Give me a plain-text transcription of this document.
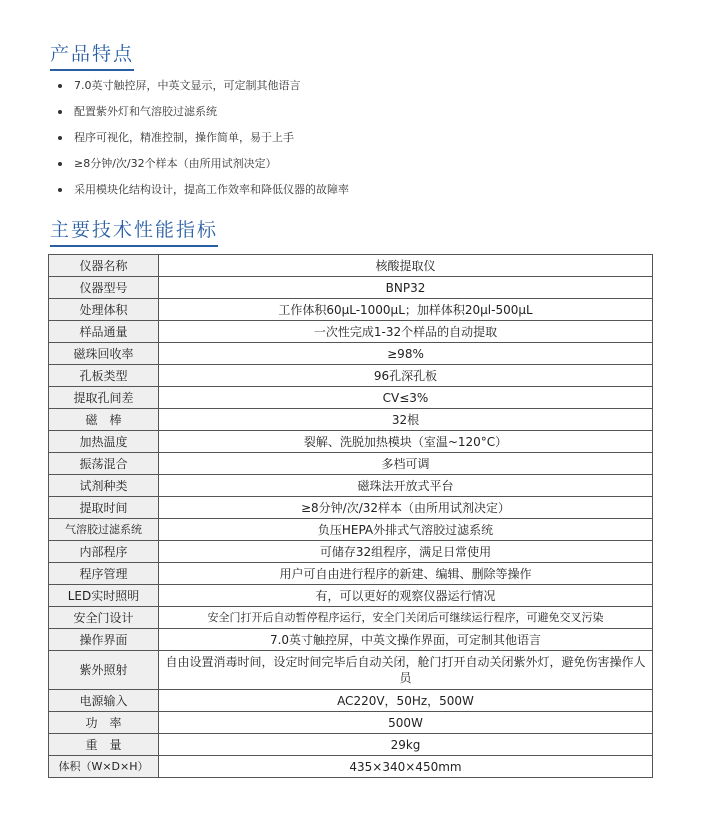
产品特点
7.0英寸触控屏，中英文显示，可定制其他语言
配置紫外灯和气溶胶过滤系统
程序可视化，精准控制，操作简单，易于上手
≥8分钟/次/32个样本（由所用试剂决定）
采用模块化结构设计，提高工作效率和降低仪器的故障率
主要技术性能指标
仪器名称	核酸提取仪
仪器型号	BNP32
处理体积	工作体积60μL-1000μL；加样体积20μl-500μL
样品通量	一次性完成1-32个样品的自动提取
磁珠回收率	≥98%
孔板类型	96孔深孔板
提取孔间差	CV≤3%
磁　棒	32根
加热温度	裂解、洗脱加热模块（室温~120°C）
振荡混合	多档可调
试剂种类	磁珠法开放式平台
提取时间	≥8分钟/次/32样本（由所用试剂决定）
气溶胶过滤系统	负压HEPA外排式气溶胶过滤系统
内部程序	可储存32组程序，满足日常使用
程序管理	用户可自由进行程序的新建、编辑、删除等操作
LED实时照明	有，可以更好的观察仪器运行情况
安全门设计	安全门打开后自动暂停程序运行，安全门关闭后可继续运行程序，可避免交叉污染
操作界面	7.0英寸触控屏，中英文操作界面，可定制其他语言
紫外照射	自由设置消毒时间，设定时间完毕后自动关闭，舱门打开自动关闭紫外灯，避免伤害操作人员
电源输入	AC220V，50Hz，500W
功　率	500W
重　量	29kg
体积（W×D×H）	435×340×450mm
